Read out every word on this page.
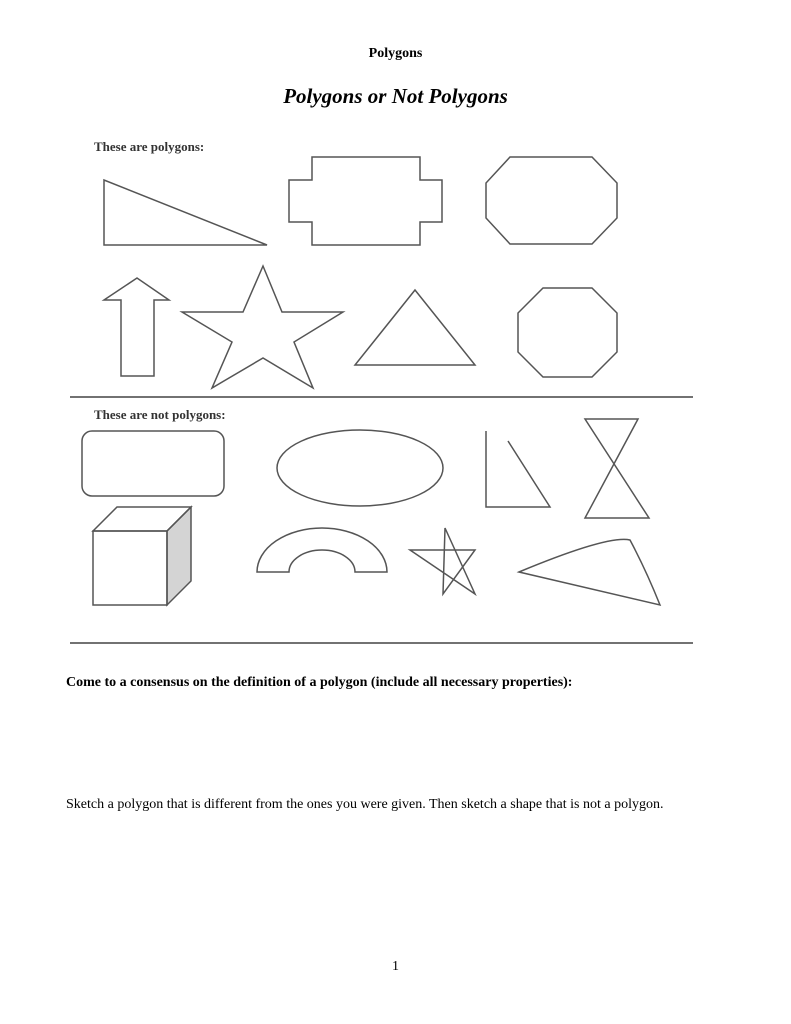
Polygons
Polygons or Not Polygons
These are polygons:
These are not polygons:
Come to a consensus on the definition of a polygon (include all necessary properties):
Sketch a polygon that is different from the ones you were given. Then sketch a shape that is not a polygon.
1
